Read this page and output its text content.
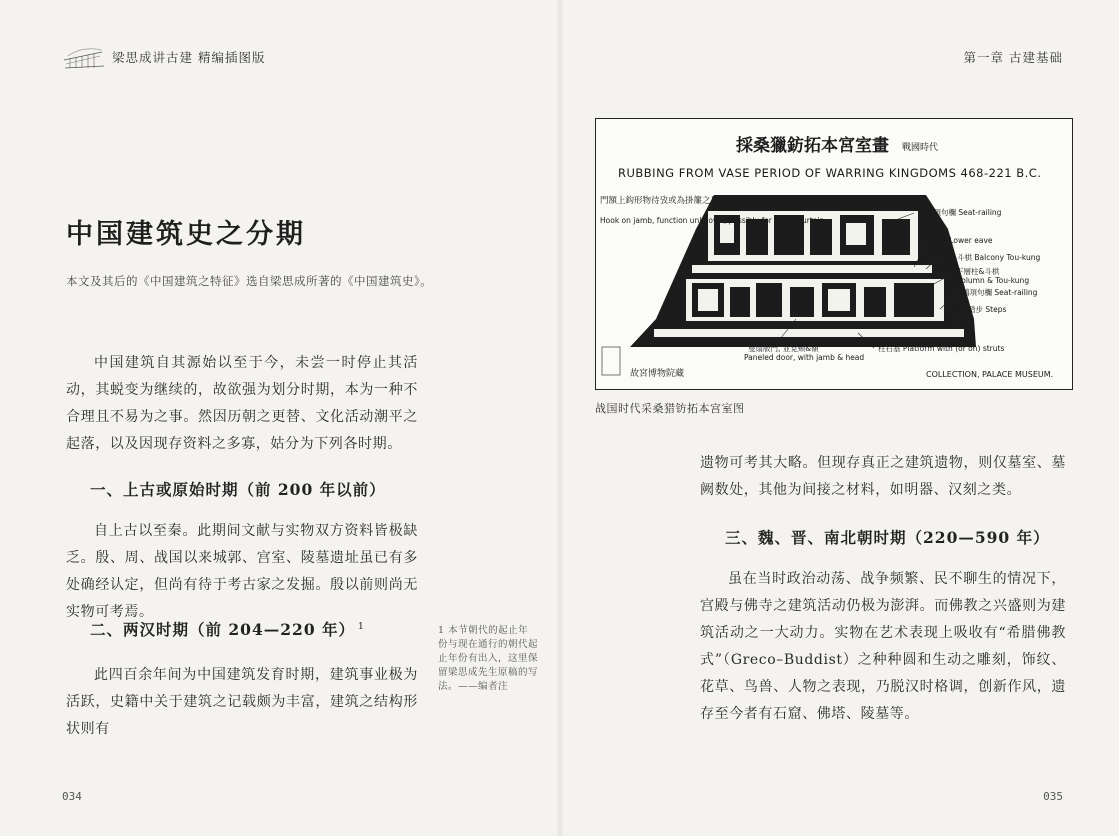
梁思成讲古建 精编插图版
中国建筑史之分期
本文及其后的《中国建筑之特征》选自梁思成所著的《中国建筑史》。
中国建筑自其源始以至于今，未尝一时停止其活动，其蜕变为继续的，故欲强为划分时期，本为一种不合理且不易为之事。然因历朝之更替、文化活动潮平之起落，以及因现存资料之多寡，姑分为下列各时期。
一、上古或原始时期（前 200 年以前）
自上古以至秦。此期间文献与实物双方资料皆极缺乏。殷、周、战国以来城郭、宫室、陵墓遗址虽已有多处确经认定，但尚有待于考古家之发掘。殷以前则尚无实物可考焉。
二、两汉时期（前 204—220 年） $^1$
此四百余年间为中国建筑发育时期，建筑事业极为活跃，史籍中关于建筑之记载颇为丰富，建筑之结构形状则有
1 本节朝代的起止年份与现在通行的朝代起止年份有出入，这里保留梁思成先生原稿的写法。——编者注
034
第一章 古建基础
035
採桑獵鈁拓本宮室畫 戰國時代
RUBBING FROM VASE PERIOD OF WARRING KINGDOMS 468-221 B.C.
門額上鈎形物待攷或為掛簾之用。
Hook on jamb, function unknown, possibly for lifting curtain.
鵝項句欄 Seat-railing
下擔 Lower eave
平坐斗栱 Balcony Tou-kung
下層柱&斗栱
Column & Tou-kung
鵝項句欄 Seat-railing
踏步 Steps
曼扇版門, 並見頰&額
Paneled door, with jamb & head
柱石基 Platform with (or on) struts
故宮博物院藏	COLLECTION, PALACE MUSEUM.
战国时代采桑猎钫拓本宫室图
遗物可考其大略。但现存真正之建筑遗物，则仅墓室、墓阙数处，其他为间接之材料，如明器、汉刻之类。
三、魏、晋、南北朝时期（220—590 年）
虽在当时政治动荡、战争频繁、民不聊生的情况下，宫殿与佛寺之建筑活动仍极为澎湃。而佛教之兴盛则为建筑活动之一大动力。实物在艺术表现上吸收有“希腊佛教式”（Greco–Buddist）之种种圆和生动之雕刻，饰纹、花草、鸟兽、人物之表现，乃脱汉时格调，创新作风，遗存至今者有石窟、佛塔、陵墓等。
